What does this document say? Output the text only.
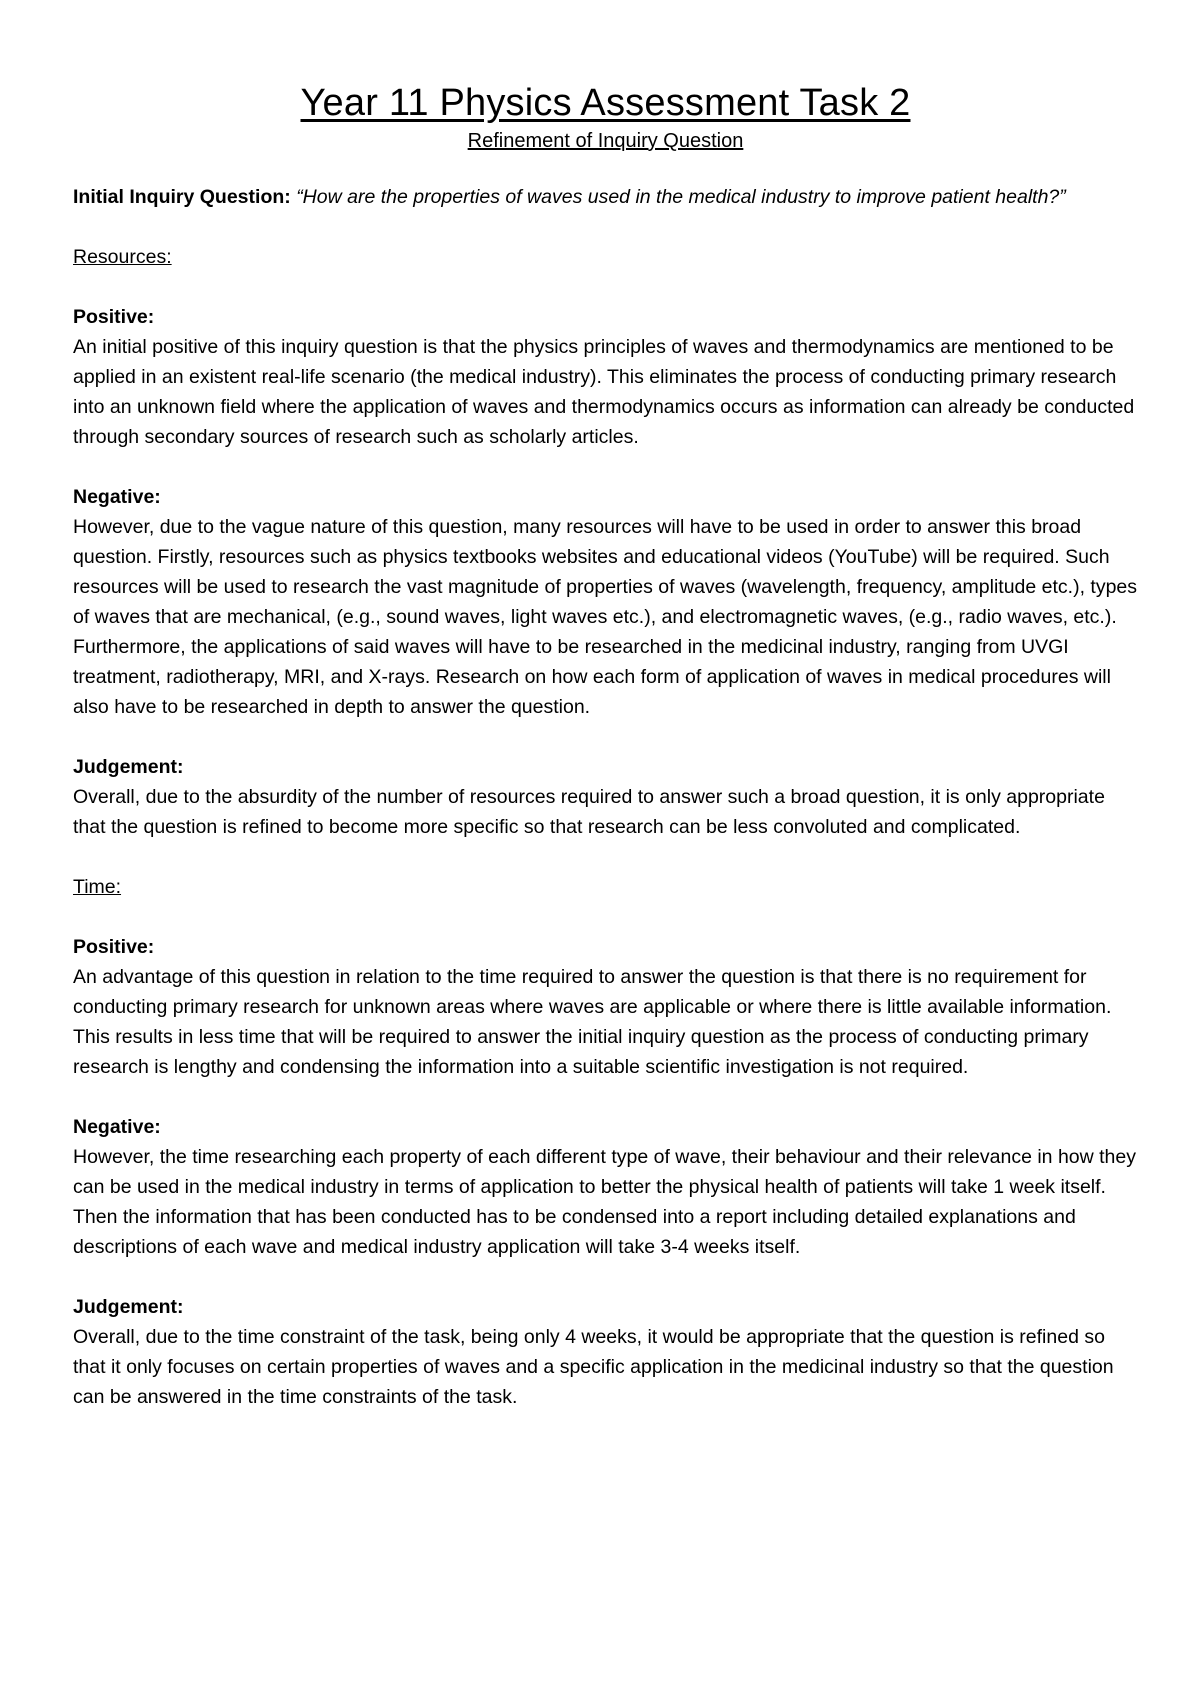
Year 11 Physics Assessment Task 2
Refinement of Inquiry Question

Initial Inquiry Question: “How are the properties of waves used in the medical industry to improve patient health?”

Resources:

Positive:

An initial positive of this inquiry question is that the physics principles of waves and thermodynamics are mentioned to be applied in an existent real-life scenario (the medical industry). This eliminates the process of conducting primary research into an unknown field where the application of waves and thermodynamics occurs as information can already be conducted through secondary sources of research such as scholarly articles.

Negative:

However, due to the vague nature of this question, many resources will have to be used in order to answer this broad question. Firstly, resources such as physics textbooks websites and educational videos (YouTube) will be required. Such resources will be used to research the vast magnitude of properties of waves (wavelength, frequency, amplitude etc.), types of waves that are mechanical, (e.g., sound waves, light waves etc.), and electromagnetic waves, (e.g., radio waves, etc.). Furthermore, the applications of said waves will have to be researched in the medicinal industry, ranging from UVGI treatment, radiotherapy, MRI, and X-rays. Research on how each form of application of waves in medical procedures will also have to be researched in depth to answer the question.

Judgement:

Overall, due to the absurdity of the number of resources required to answer such a broad question, it is only appropriate that the question is refined to become more specific so that research can be less convoluted and complicated.

Time:

Positive:

An advantage of this question in relation to the time required to answer the question is that there is no requirement for conducting primary research for unknown areas where waves are applicable or where there is little available information. This results in less time that will be required to answer the initial inquiry question as the process of conducting primary research is lengthy and condensing the information into a suitable scientific investigation is not required.

Negative:

However, the time researching each property of each different type of wave, their behaviour and their relevance in how they can be used in the medical industry in terms of application to better the physical health of patients will take 1 week itself. Then the information that has been conducted has to be condensed into a report including detailed explanations and descriptions of each wave and medical industry application will take 3-4 weeks itself.

Judgement:

Overall, due to the time constraint of the task, being only 4 weeks, it would be appropriate that the question is refined so that it only focuses on certain properties of waves and a specific application in the medicinal industry so that the question can be answered in the time constraints of the task.
